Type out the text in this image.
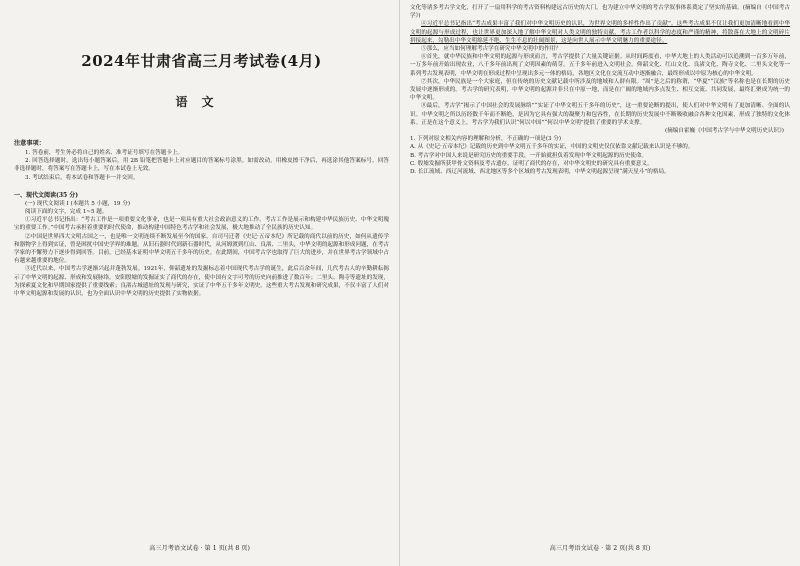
2024年甘肃省高三月考试卷(4月)
语文
注意事项：

1. 答卷前，考生务必将自己的姓名、准考证号填写在答题卡上。

2. 回答选择题时，选出每小题答案后，用 2B 铅笔把答题卡上对应题目的答案标号涂黑。如需改动，用橡皮擦干净后，再选涂其他答案标号。回答非选择题时，将答案写在答题卡上，写在本试卷上无效。

3. 考试结束后，将本试卷和答题卡一并交回。

一、现代文阅读(35 分)

(一) 现代文阅读 I (本题共 5 小题，19 分)

阅读下面的文字，完成 1~5 题。

①习近平总书记指出：“考古工作是一项重要文化事业，也是一项具有重大社会政治意义的工作。考古工作是展示和构建中华民族历史、中华文明瑰宝的重要工作。”中国考古承担着重要的时代使命，推动构建中国特色考古学和社会发展，极大地推动了全民族的历史认知。

②中国是世界四大文明古国之一，也是唯一文明连续不断发展至今的国家。自司马迁著《史记·五帝本纪》所记载的商代以前的历史，如何从遗传学和器物学上得到实证，曾是困扰中国史学界的难题。从旧石器时代到新石器时代，从河姆渡到红山、良渚、二里头，中华文明的起源和形成问题，在考古学家的不懈努力下逐步得到回答。目前，已经基本证明中华文明五千多年的历史。在此期间，中国考古学也取得了巨大的进步，并在世界考古学领域中占有越来越重要的地位。

③近代以来，中国考古学逐渐兴起并蓬勃发展。1921年，仰韶遗址的发掘标志着中国现代考古学的诞生，此后百余年间，几代考古人的辛勤耕耘揭示了中华文明的起源、形成和发展脉络。安阳殷墟的发掘证实了商代的存在，使中国有文字可考的历史向前推进了数百年；二里头、陶寺等遗址的发现，为探索夏文化和早期国家提供了重要线索；良渚古城遗址的发现与研究，实证了中华五千多年文明史。这些重大考古发现和研究成果，不仅丰富了人们对中华文明起源和发展的认识，也为全面认识中华文明的历史提供了实物依据。

高三月考语文试卷 · 第 1 页(共 8 页)

文化等诸多考古学文化，打开了一扇用科学的考古资料构建远古历史的大门，也为建立中华文明的考古学叙事体系奠定了坚实的基础。(摘编自《中国考古学》)

④习近平总书记指出“考古成果丰富了我们对中华文明历史的认识，为世界文明的多样性作出了贡献”。这些考古成果不仅让我们更加清晰地看到中华文明的起源与形成过程，也让世界更加深入地了解中华文明对人类文明的独特贡献。考古工作者以科学的态度和严谨的精神，将散落在大地上的文明碎片拼接起来，勾勒出中华文明绵延不绝、生生不息的壮阔图景，这是向世人展示中华文明魅力的重要途径。

⑤那么，应当如何理解考古学在研究中华文明中的作用？

⑥首先，就中华民族和中华文明的起源与形成而言，考古学提供了大量关键证据。从时间跨度看，中华大地上的人类活动可以追溯到一百多万年前，一万多年前开始出现农业，八千多年前出现了文明因素的萌芽，五千多年前进入文明社会。仰韶文化、红山文化、良渚文化、陶寺文化、二里头文化等一系列考古发现表明，中华文明在形成过程中呈现出多元一体的格局，各地区文化在交流互动中逐渐融合，最终形成以中原为核心的中华文明。

⑦其次，中华民族是一个大家庭，但在传统的历史文献记载中所涉及的地域和人群有限。“周”是之后的称谓，“华夏”“汉族”等名称也是在长期的历史发展中逐渐形成的。考古学的研究表明，中华文明的起源并非只在中原一地，而是在广阔的地域内多点发生、相互交流、共同发展，最终汇聚成为统一的中华文明。

⑧最后，考古学“揭示了中国社会的发展脉络”“实证了中华文明五千多年的历史”，这一重要论断的提出，使人们对中华文明有了更加清晰、全面的认识。中华文明之所以历经数千年而不断绝，是因为它具有强大的凝聚力和包容性，在长期的历史发展中不断吸收融合各种文化因素，形成了独特的文化体系。正是在这个意义上，考古学为我们认识“何以中国”“何以中华文明”提供了重要的学术支撑。

(摘编自霍巍《中国考古学与中华文明历史认识》)

1. 下列对原文相关内容的理解和分析，不正确的一项是(3 分)

A. 从《史记·五帝本纪》记载的历史到中华文明五千多年的实证，中国的文明史仅仅依靠文献记载来认识是不够的。

B. 考古学对中国人来说是研究历史的重要手段，一开始就担负着发现中华文明起源的历史使命。

C. 殷墟发掘所获甲骨文资料及考古遗存，证明了商代的存在，对中华文明史的研究具有重要意义。

D. 长江流域、西辽河流域、西北地区等多个区域的考古发现表明，中华文明起源呈现“满天星斗”的格局。

高三月考语文试卷 · 第 2 页(共 8 页)
